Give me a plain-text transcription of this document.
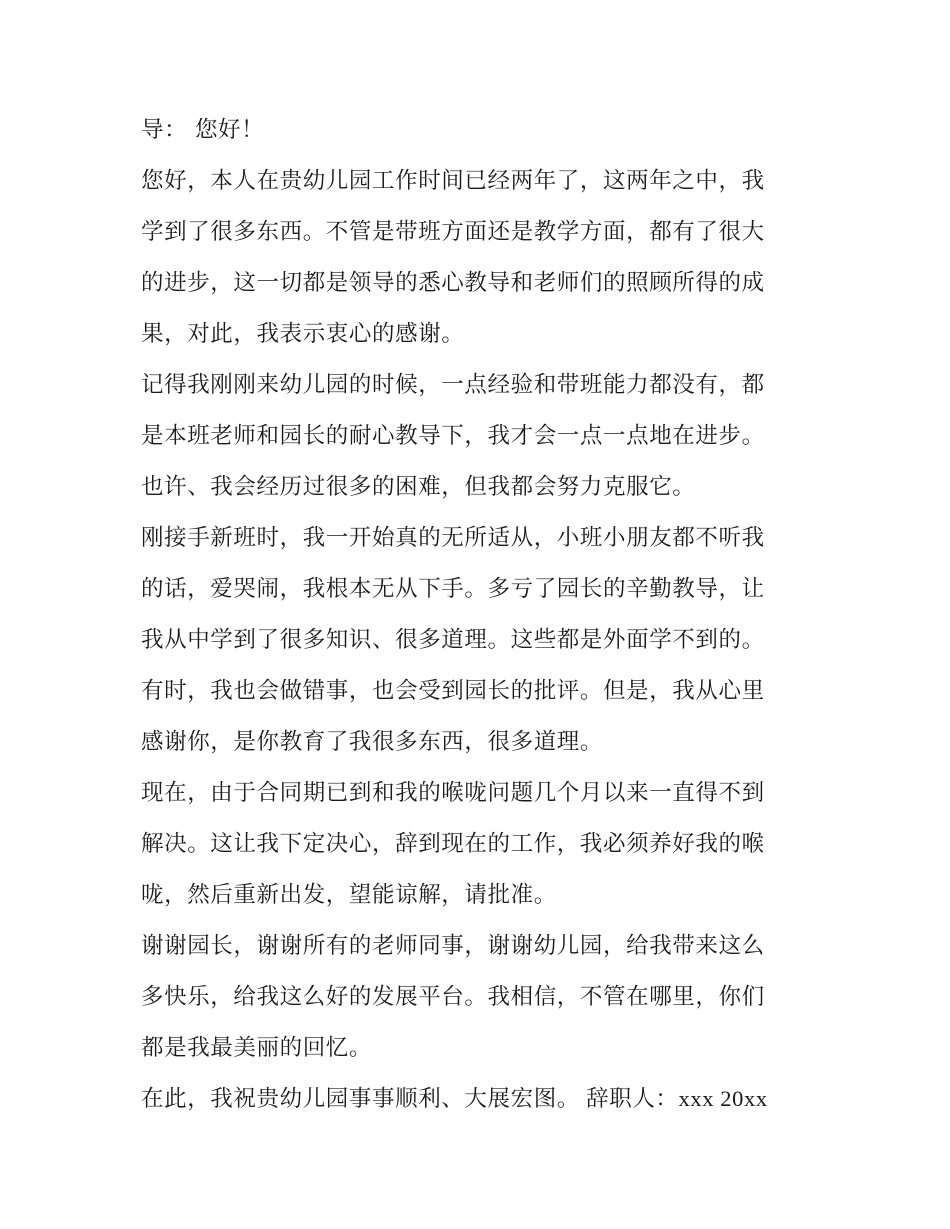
导： 您好！
您好，本人在贵幼儿园工作时间已经两年了，这两年之中，我
学到了很多东西。不管是带班方面还是教学方面，都有了很大
的进步，这一切都是领导的悉心教导和老师们的照顾所得的成
果，对此，我表示衷心的感谢。
记得我刚刚来幼儿园的时候，一点经验和带班能力都没有，都
是本班老师和园长的耐心教导下，我才会一点一点地在进步。
也许、我会经历过很多的困难，但我都会努力克服它。
刚接手新班时，我一开始真的无所适从，小班小朋友都不听我
的话，爱哭闹，我根本无从下手。多亏了园长的辛勤教导，让
我从中学到了很多知识、很多道理。这些都是外面学不到的。
有时，我也会做错事，也会受到园长的批评。但是，我从心里
感谢你，是你教育了我很多东西，很多道理。
现在，由于合同期已到和我的喉咙问题几个月以来一直得不到
解决。这让我下定决心，辞到现在的工作，我必须养好我的喉
咙，然后重新出发，望能谅解，请批准。
谢谢园长，谢谢所有的老师同事，谢谢幼儿园，给我带来这么
多快乐，给我这么好的发展平台。我相信，不管在哪里，你们
都是我最美丽的回忆。
在此，我祝贵幼儿园事事顺利、大展宏图。 辞职人：xxx 20xx
